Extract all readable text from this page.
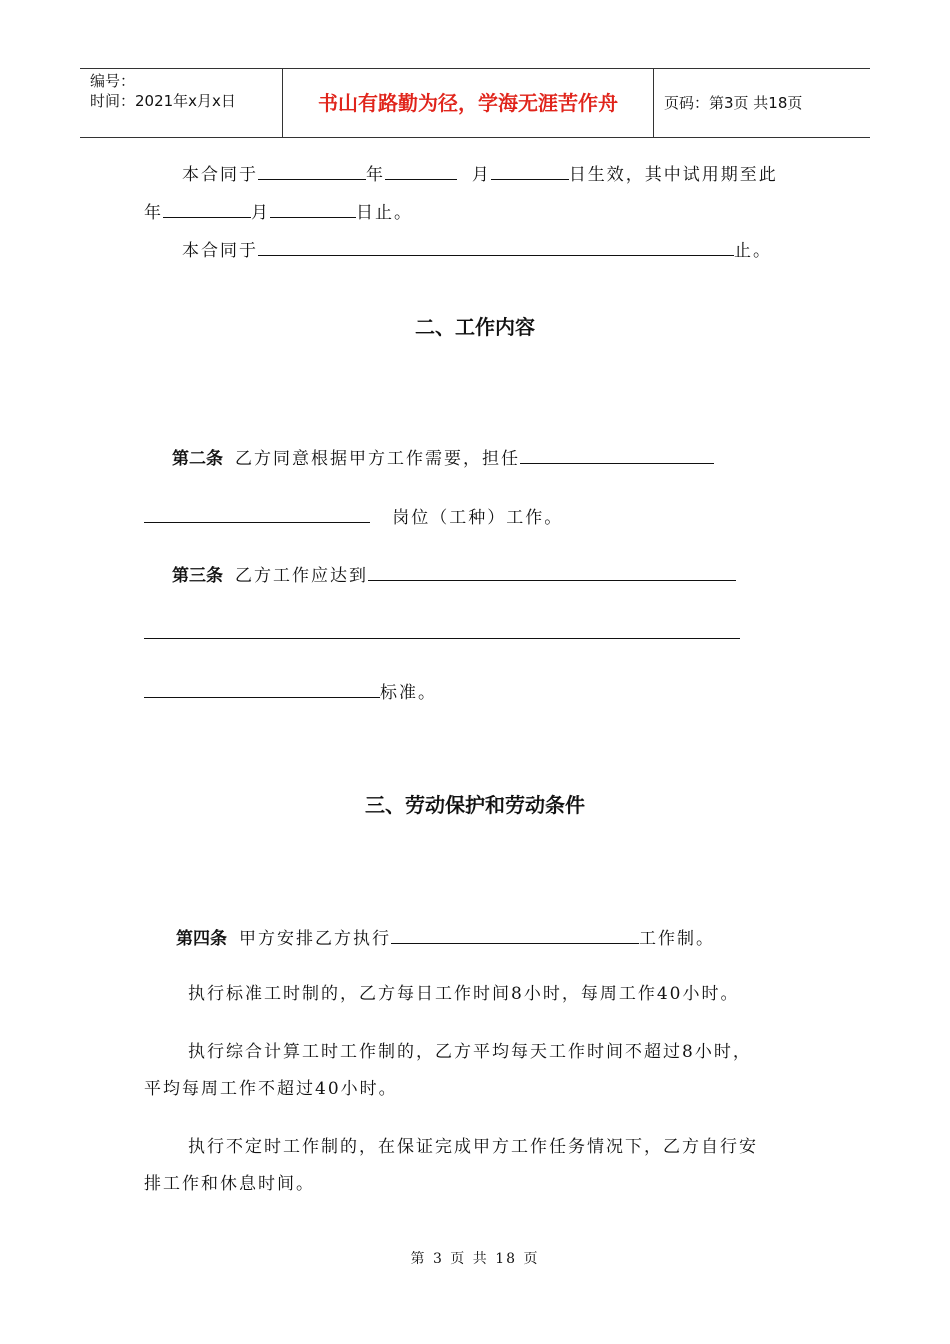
编号：
时间：2021年x月x日	书山有路勤为径，学海无涯苦作舟	页码：第3页 共18页
本合同于	年	月	日生效，其中试用期至此
年	月	日止。
本合同于	止。
二、工作内容
第二条 乙方同意根据甲方工作需要，担任
岗位（工种）工作。
第三条 乙方工作应达到
标准。
三、劳动保护和劳动条件
第四条 甲方安排乙方执行	工作制。
执行标准工时制的，乙方每日工作时间8小时，每周工作40小时。
执行综合计算工时工作制的，乙方平均每天工作时间不超过8小时，
平均每周工作不超过40小时。
执行不定时工作制的，在保证完成甲方工作任务情况下，乙方自行安
排工作和休息时间。
第 3 页 共 18 页
